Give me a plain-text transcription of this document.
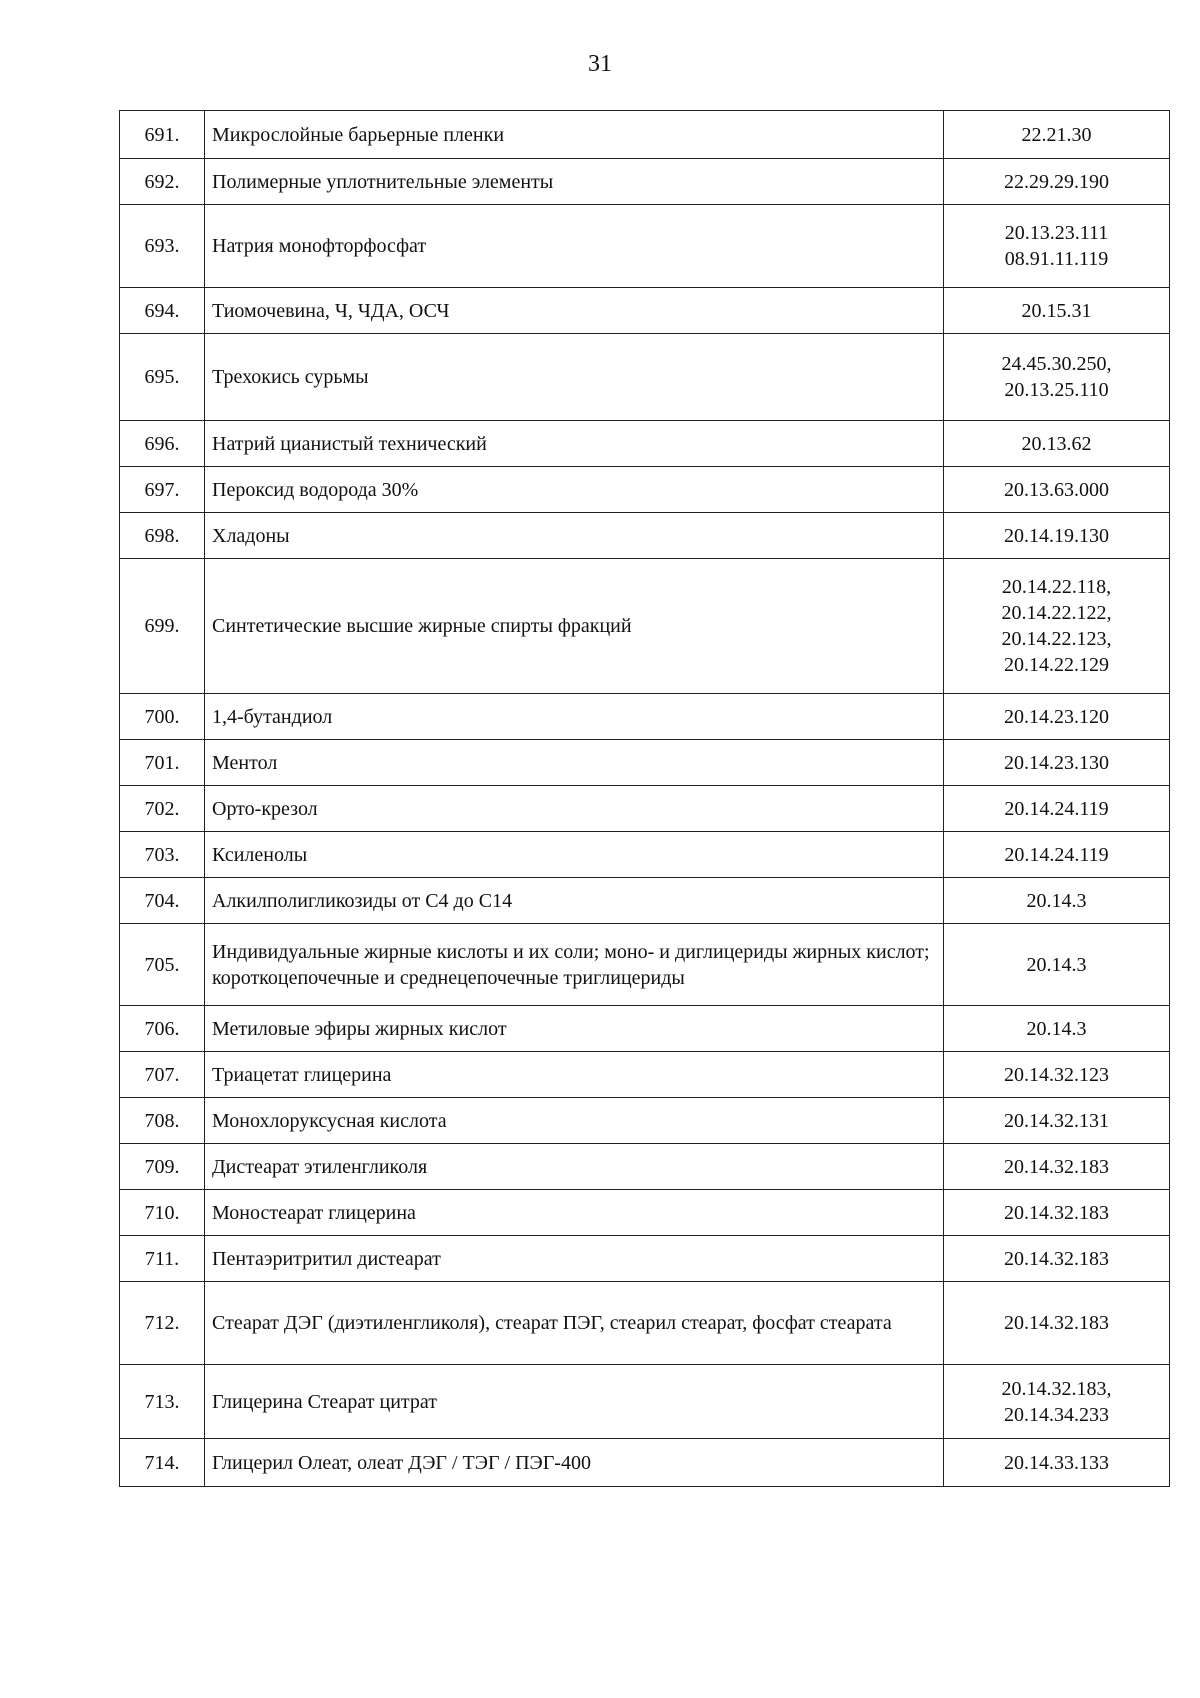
31
691.	Микрослойные барьерные пленки	22.21.30

692.	Полимерные уплотнительные элементы	22.29.29.190

693.	Натрия монофторфосфат	20.13.23.111
08.91.11.119

694.	Тиомочевина, Ч, ЧДА, ОСЧ	20.15.31

695.	Трехокись сурьмы	24.45.30.250,
20.13.25.110

696.	Натрий цианистый технический	20.13.62

697.	Пероксид водорода 30%	20.13.63.000

698.	Хладоны	20.14.19.130

699.	Синтетические высшие жирные спирты фракций	20.14.22.118,
20.14.22.122,
20.14.22.123,
20.14.22.129

700.	1,4-бутандиол	20.14.23.120

701.	Ментол	20.14.23.130

702.	Орто-крезол	20.14.24.119

703.	Ксиленолы	20.14.24.119

704.	Алкилполигликозиды от С4 до С14	20.14.3

705.	Индивидуальные жирные кислоты и их соли; моно- и диглицериды жирных кислот; короткоцепочечные и среднецепочечные триглицериды	20.14.3

706.	Метиловые эфиры жирных кислот	20.14.3

707.	Триацетат глицерина	20.14.32.123

708.	Монохлоруксусная кислота	20.14.32.131

709.	Дистеарат этиленгликоля	20.14.32.183

710.	Моностеарат глицерина	20.14.32.183

711.	Пентаэритритил дистеарат	20.14.32.183

712.	Стеарат ДЭГ (диэтиленгликоля), стеарат ПЭГ, стеарил стеарат, фосфат стеарата	20.14.32.183

713.	Глицерина Стеарат цитрат	20.14.32.183,
20.14.34.233

714.	Глицерил Олеат, олеат ДЭГ / ТЭГ / ПЭГ-400	20.14.33.133
